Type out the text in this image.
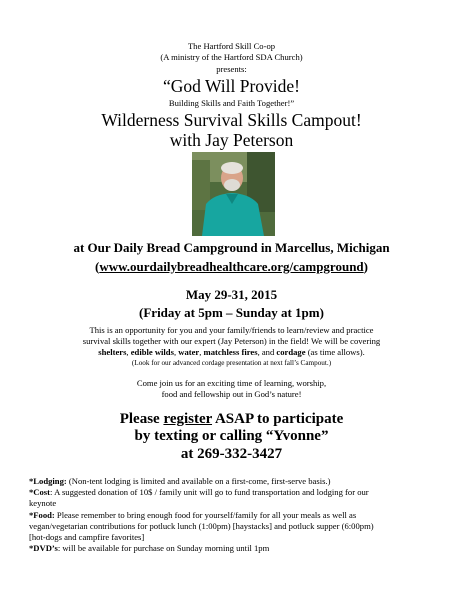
The Hartford Skill Co-op
(A ministry of the Hartford SDA Church)
presents:
“God Will Provide!
Building Skills and Faith Together!”
Wilderness Survival Skills Campout!
with Jay Peterson
at Our Daily Bread Campground in Marcellus, Michigan
(www.ourdailybreadhealthcare.org/campground)
May 29-31, 2015
(Friday at 5pm – Sunday at 1pm)
This is an opportunity for you and your family/friends to learn/review and practice
survival skills together with our expert (Jay Peterson) in the field! We will be covering
shelters, edible wilds, water, matchless fires, and cordage (as time allows).
(Look for our advanced cordage presentation at next fall’s Campout.)
Come join us for an exciting time of learning, worship,
food and fellowship out in God’s nature!
Please register ASAP to participate
by texting or calling “Yvonne”
at 269-332-3427
*Lodging: (Non-tent lodging is limited and available on a first-come, first-serve basis.)
*Cost: A suggested donation of 10$ / family unit will go to fund transportation and lodging for our
keynote
*Food: Please remember to bring enough food for yourself/family for all your meals as well as
vegan/vegetarian contributions for potluck lunch (1:00pm) [haystacks] and potluck supper (6:00pm)
[hot-dogs and campfire favorites]
*DVD’s: will be available for purchase on Sunday morning until 1pm
